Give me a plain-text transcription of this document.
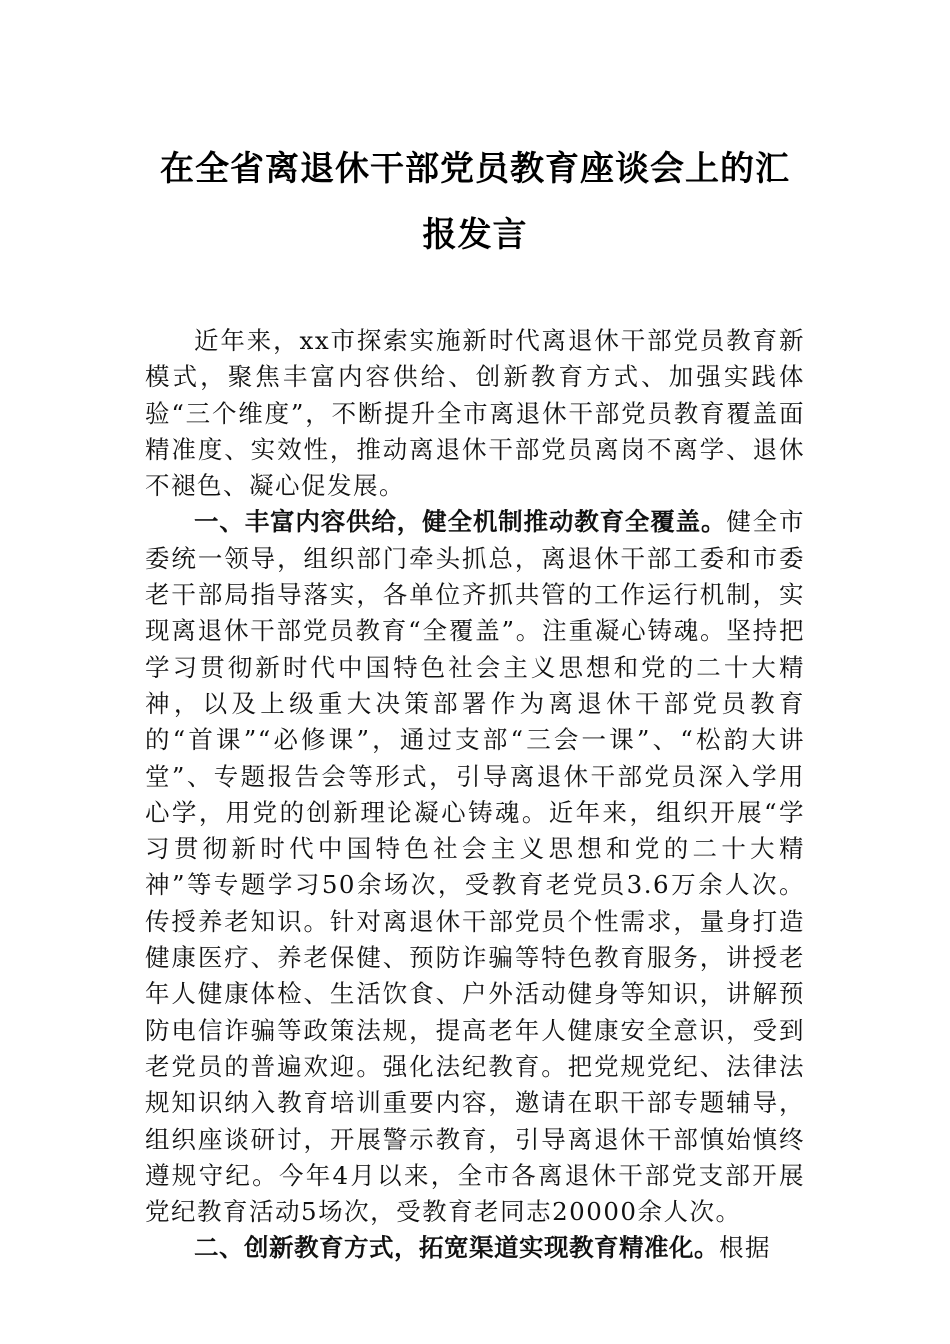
在全省离退休干部党员教育座谈会上的汇报发言

近年来，xx市探索实施新时代离退休干部党员教育新模式，聚焦丰富内容供给、创新教育方式、加强实践体验“三个维度”，不断提升全市离退休干部党员教育覆盖面精准度、实效性，推动离退休干部党员离岗不离学、退休不褪色、凝心促发展。

一、丰富内容供给，健全机制推动教育全覆盖。健全市委统一领导，组织部门牵头抓总，离退休干部工委和市委老干部局指导落实，各单位齐抓共管的工作运行机制，实现离退休干部党员教育“全覆盖”。注重凝心铸魂。坚持把学习贯彻新时代中国特色社会主义思想和党的二十大精神，以及上级重大决策部署作为离退休干部党员教育的“首课”“必修课”，通过支部“三会一课”、“松韵大讲堂”、专题报告会等形式，引导离退休干部党员深入学用心学，用党的创新理论凝心铸魂。近年来，组织开展“学习贯彻新时代中国特色社会主义思想和党的二十大精神”等专题学习50余场次，受教育老党员3.6万余人次。传授养老知识。针对离退休干部党员个性需求，量身打造健康医疗、养老保健、预防诈骗等特色教育服务，讲授老年人健康体检、生活饮食、户外活动健身等知识，讲解预防电信诈骗等政策法规，提高老年人健康安全意识，受到老党员的普遍欢迎。强化法纪教育。把党规党纪、法律法规知识纳入教育培训重要内容，邀请在职干部专题辅导，组织座谈研讨，开展警示教育，引导离退休干部慎始慎终遵规守纪。今年4月以来，全市各离退休干部党支部开展党纪教育活动5场次，受教育老同志20000余人次。

二、创新教育方式，拓宽渠道实现教育精准化。根据
